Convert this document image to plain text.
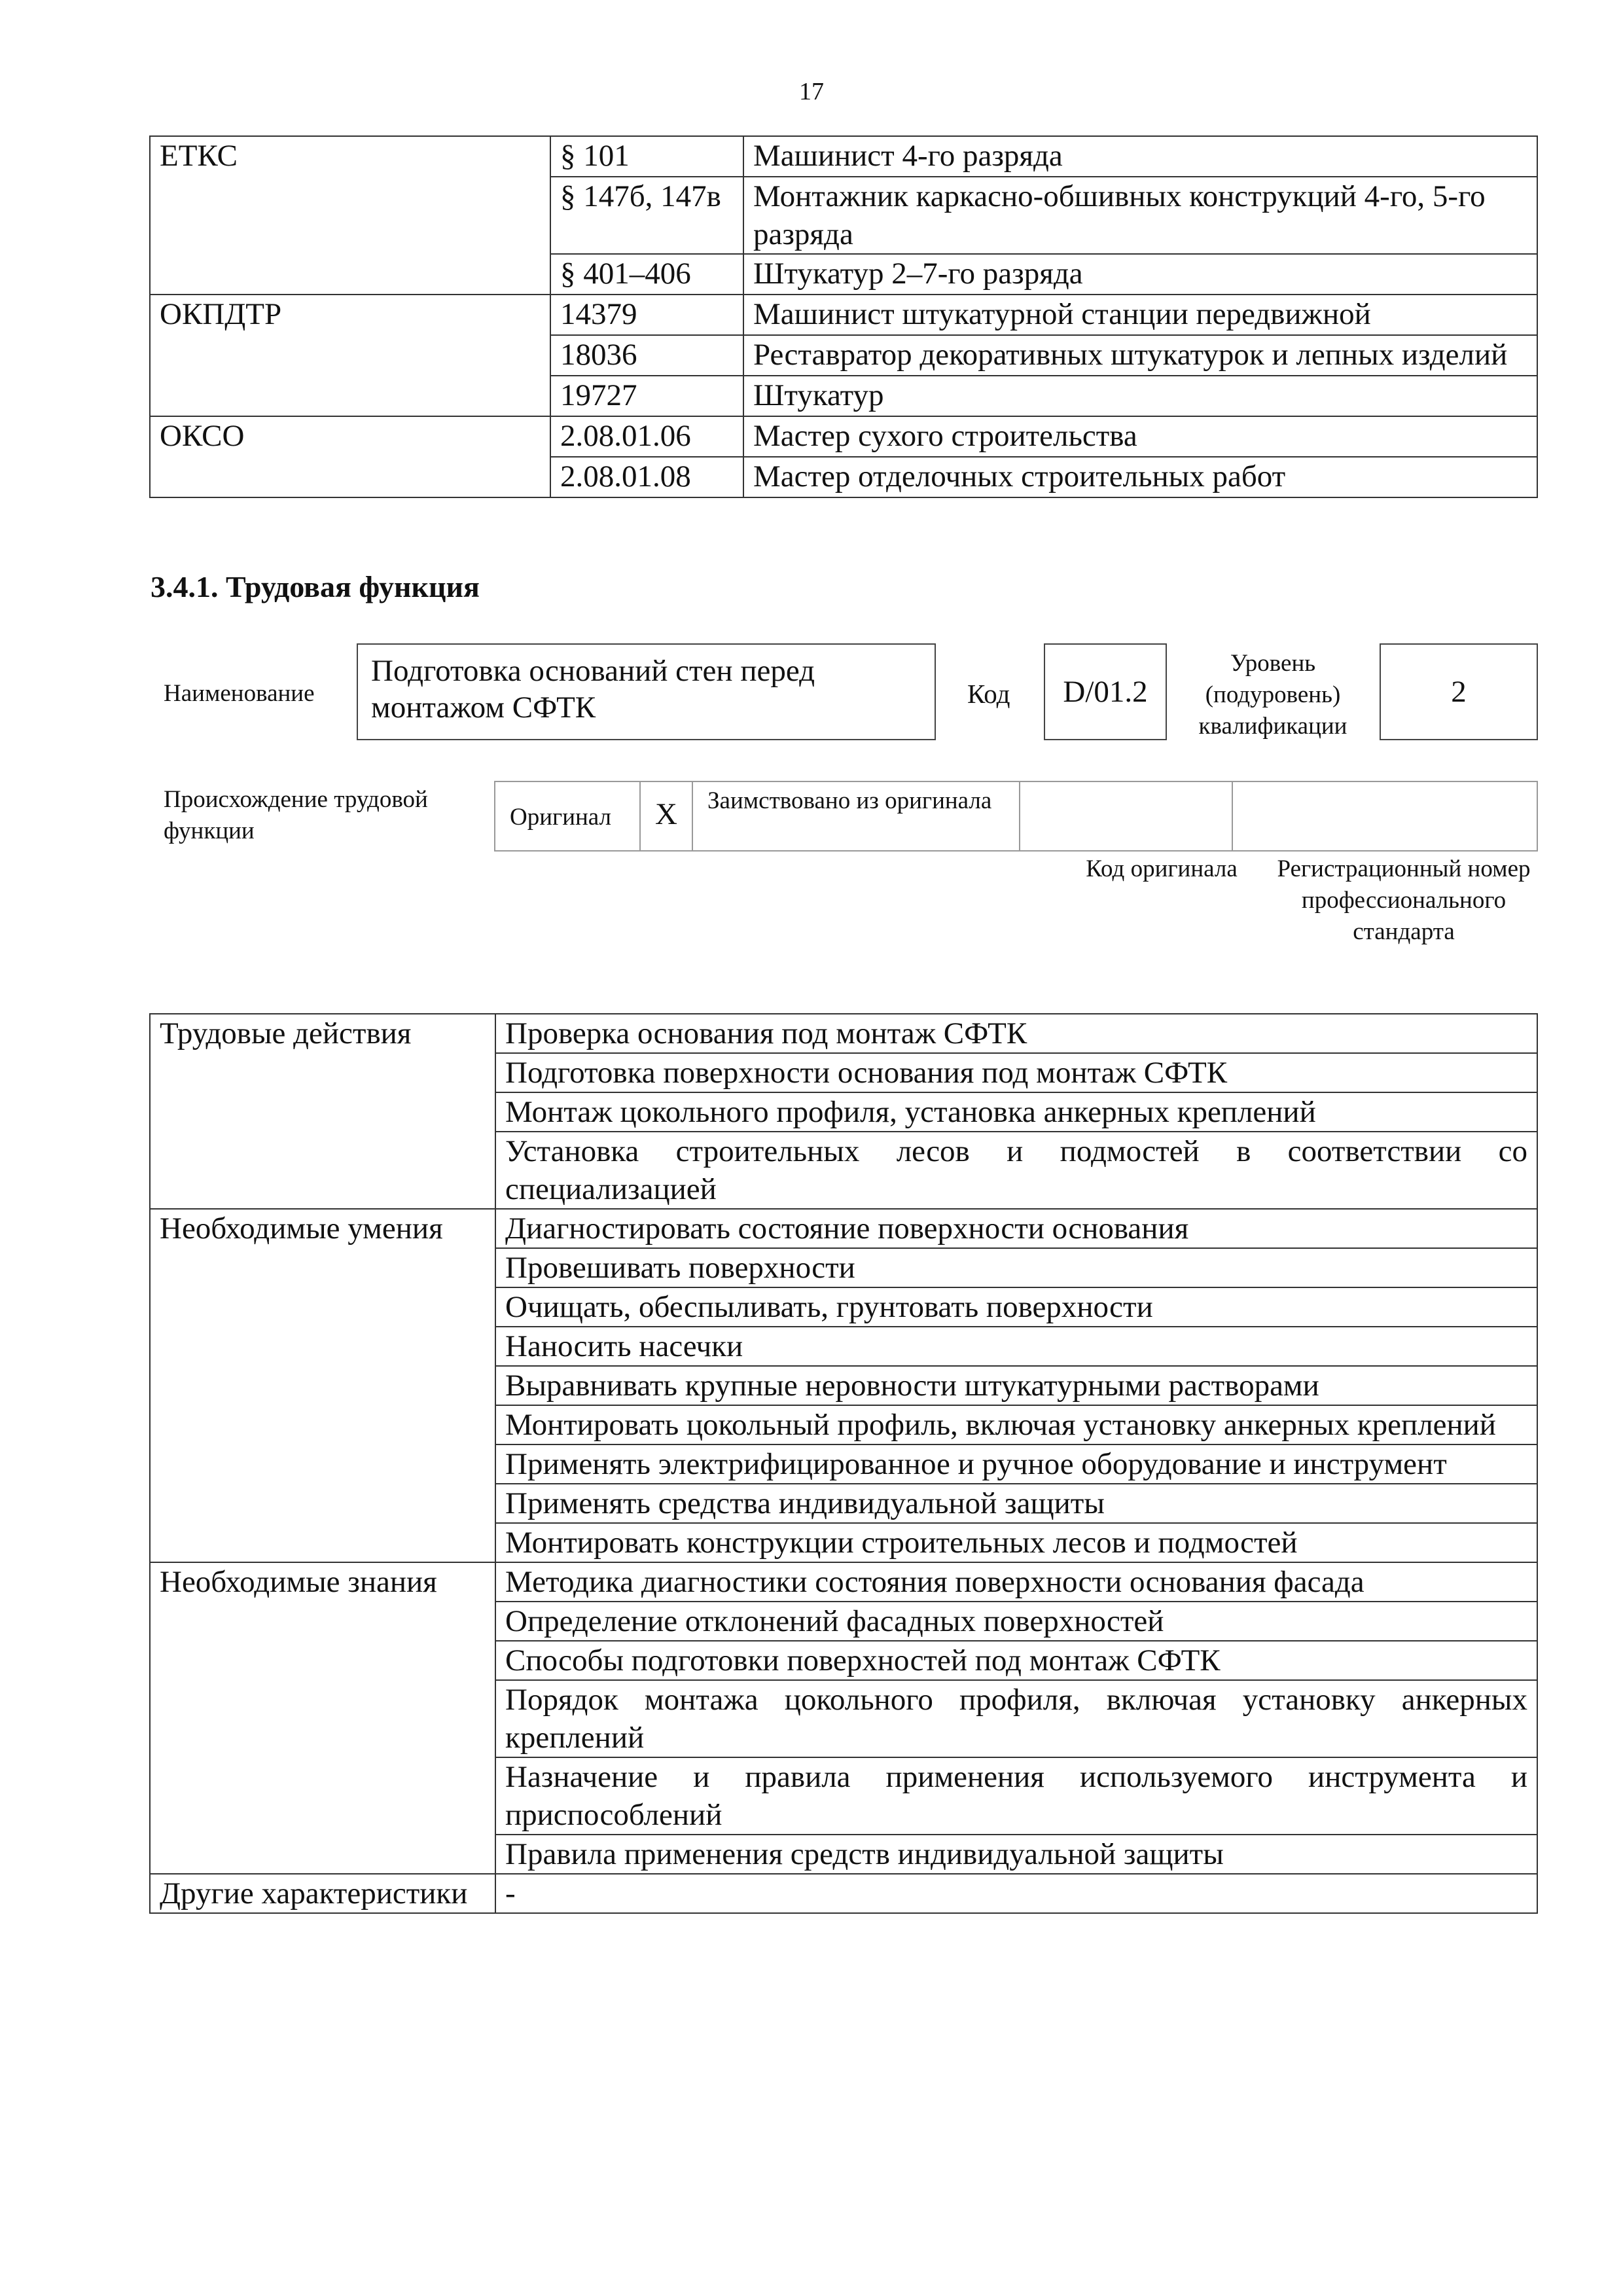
17
ЕТКС	§ 101	Машинист 4-го разряда
	§ 147б, 147в	Монтажник каркасно-обшивных конструкций 4-го, 5-го разряда
	§ 401–406	Штукатур 2–7-го разряда
ОКПДТР	14379	Машинист штукатурной станции передвижной
	18036	Реставратор декоративных штукатурок и лепных изделий
	19727	Штукатур
ОКСО	2.08.01.06	Мастер сухого строительства
	2.08.01.08	Мастер отделочных строительных работ
3.4.1. Трудовая функция
Наименование
Подготовка оснований стен перед монтажом СФТК	Код	D/01.2
Уровень (подуровень) квалификации
2
Происхождение трудовой функции
Оригинал X Заимствовано из оригинала
Код оригинала	Регистрационный номер профессионального стандарта
Трудовые действия	Проверка основания под монтаж СФТК
	Подготовка поверхности основания под монтаж СФТК
	Монтаж цокольного профиля, установка анкерных креплений
	Установка строительных лесов и подмостей в соответствии со специализацией
Необходимые умения	Диагностировать состояние поверхности основания
	Провешивать поверхности
	Очищать, обеспыливать, грунтовать поверхности
	Наносить насечки
	Выравнивать крупные неровности штукатурными растворами
	Монтировать цокольный профиль, включая установку анкерных креплений
	Применять электрифицированное и ручное оборудование и инструмент
	Применять средства индивидуальной защиты
	Монтировать конструкции строительных лесов и подмостей
Необходимые знания	Методика диагностики состояния поверхности основания фасада
	Определение отклонений фасадных поверхностей
	Способы подготовки поверхностей под монтаж СФТК
	Порядок монтажа цокольного профиля, включая установку анкерных креплений
	Назначение и правила применения используемого инструмента и приспособлений
	Правила применения средств индивидуальной защиты
Другие характеристики	-
